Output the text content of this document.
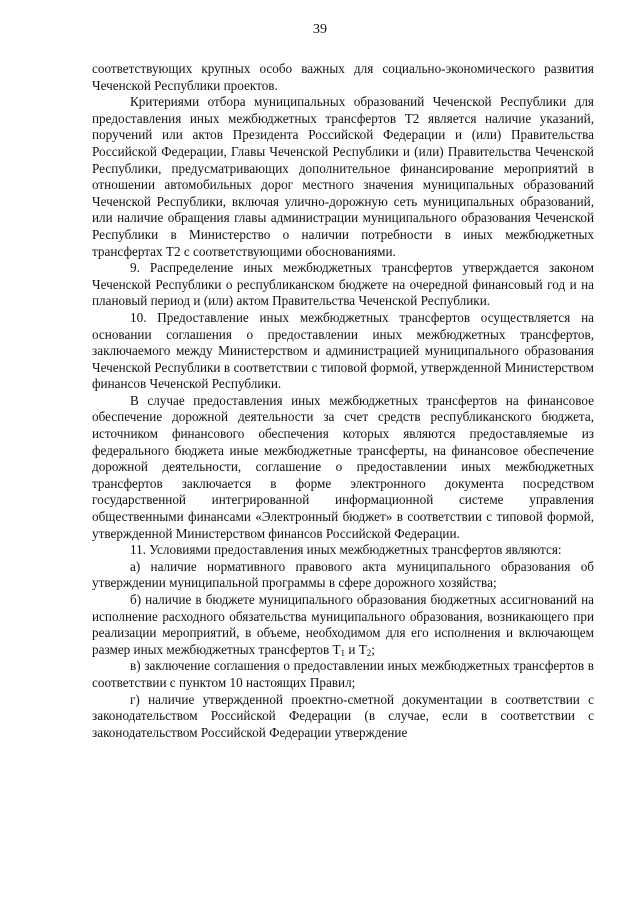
39

соответствующих крупных особо важных для социально-экономического развития Чеченской Республики проектов.

Критериями отбора муниципальных образований Чеченской Республики для предоставления иных межбюджетных трансфертов Т2 является наличие указаний, поручений или актов Президента Российской Федерации и (или) Правительства Российской Федерации, Главы Чеченской Республики и (или) Правительства Чеченской Республики, предусматривающих дополнительное финансирование мероприятий в отношении автомобильных дорог местного значения муниципальных образований Чеченской Республики, включая улично-дорожную сеть муниципальных образований, или наличие обращения главы администрации муниципального образования Чеченской Республики в Министерство о наличии потребности в иных межбюджетных трансфертах Т2 с соответствующими обоснованиями.

9. Распределение иных межбюджетных трансфертов утверждается законом Чеченской Республики о республиканском бюджете на очередной финансовый год и на плановый период и (или) актом Правительства Чеченской Республики.

10. Предоставление иных межбюджетных трансфертов осуществляется на основании соглашения о предоставлении иных межбюджетных трансфертов, заключаемого между Министерством и администрацией муниципального образования Чеченской Республики в соответствии с типовой формой, утвержденной Министерством финансов Чеченской Республики.

В случае предоставления иных межбюджетных трансфертов на финансовое обеспечение дорожной деятельности за счет средств республиканского бюджета, источником финансового обеспечения которых являются предоставляемые из федерального бюджета иные межбюджетные трансферты, на финансовое обеспечение дорожной деятельности, соглашение о предоставлении иных межбюджетных трансфертов заключается в форме электронного документа посредством государственной интегрированной информационной системе управления общественными финансами «Электронный бюджет» в соответствии с типовой формой, утвержденной Министерством финансов Российской Федерации.

11. Условиями предоставления иных межбюджетных трансфертов являются:

а) наличие нормативного правового акта муниципального образования об утверждении муниципальной программы в сфере дорожного хозяйства;

б) наличие в бюджете муниципального образования бюджетных ассигнований на исполнение расходного обязательства муниципального образования, возникающего при реализации мероприятий, в объеме, необходимом для его исполнения и включающем размер иных межбюджетных трансфертов $Т_1$ и $Т_2$;

в) заключение соглашения о предоставлении иных межбюджетных трансфертов в соответствии с пунктом 10 настоящих Правил;

г) наличие утвержденной проектно-сметной документации в соответствии с законодательством Российской Федерации (в случае, если в соответствии с законодательством Российской Федерации утверждение
